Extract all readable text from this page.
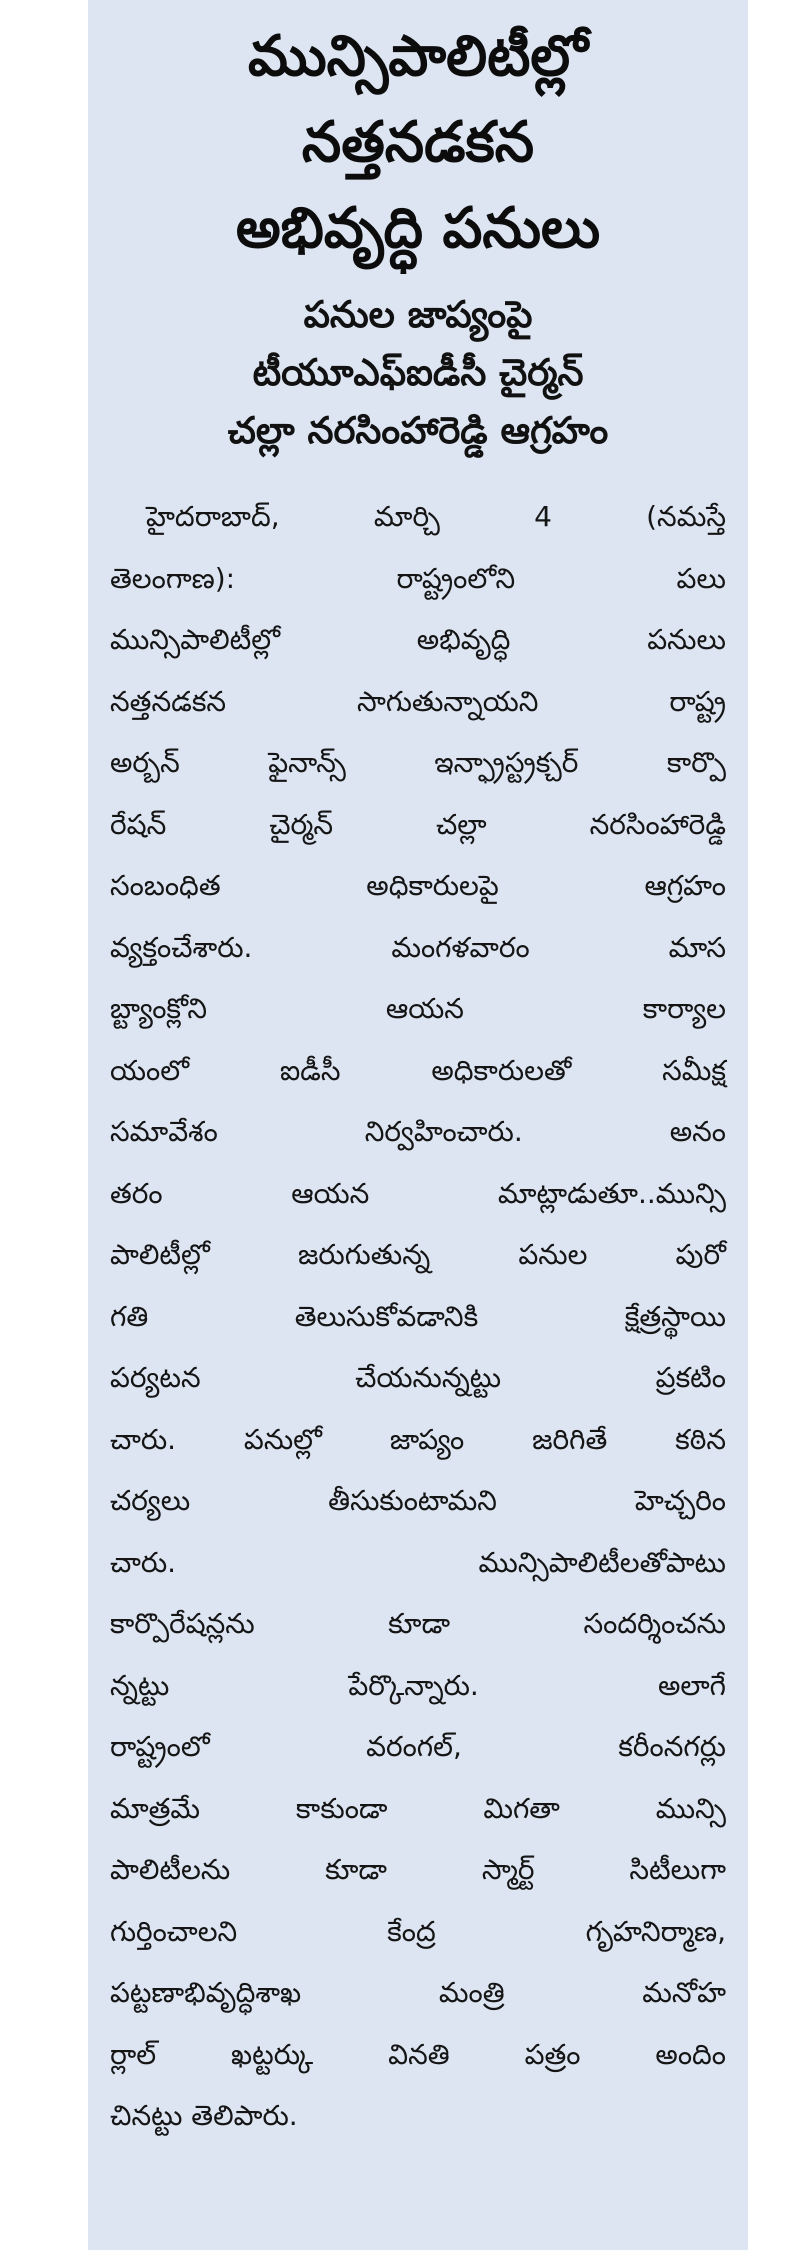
మున్సిపాలిటీల్లో
నత్తనడకన
అభివృద్ధి పనులు
పనుల జాప్యంపై
టీయూఎఫ్ఐడీసీ చైర్మన్
చల్లా నరసింహారెడ్డి ఆగ్రహం
హైదరాబాద్, మార్చి 4 (నమస్తే
తెలంగాణ): రాష్ట్రంలోని పలు
మున్సిపాలిటీల్లో అభివృద్ధి పనులు
నత్తనడకన సాగుతున్నాయని రాష్ట్ర
అర్బన్ ఫైనాన్స్ ఇన్ఫ్రాస్ట్రక్చర్ కార్పొ
రేషన్ చైర్మన్ చల్లా నరసింహారెడ్డి
సంబంధిత అధికారులపై ఆగ్రహం
వ్యక్తంచేశారు. మంగళవారం మాస
బ్ట్యాంక్లోని ఆయన కార్యాల
యంలో ఐడీసీ అధికారులతో సమీక్ష
సమావేశం నిర్వహించారు. అనం
తరం ఆయన మాట్లాడుతూ..మున్సి
పాలిటీల్లో జరుగుతున్న పనుల పురో
గతి తెలుసుకోవడానికి క్షేత్రస్థాయి
పర్యటన చేయనున్నట్టు ప్రకటిం
చారు. పనుల్లో జాప్యం జరిగితే కఠిన
చర్యలు తీసుకుంటామని హెచ్చరిం
చారు. మున్సిపాలిటీలతోపాటు
కార్పొరేషన్లను కూడా సందర్శించను
న్నట్టు పేర్కొన్నారు. అలాగే
రాష్ట్రంలో వరంగల్, కరీంనగర్లు
మాత్రమే కాకుండా మిగతా మున్సి
పాలిటీలను కూడా స్మార్ట్ సిటీలుగా
గుర్తించాలని కేంద్ర గృహనిర్మాణ,
పట్టణాభివృద్ధిశాఖ మంత్రి మనోహ
ర్లాల్ ఖట్టర్కు వినతి పత్రం అందిం
చినట్టు తెలిపారు.
